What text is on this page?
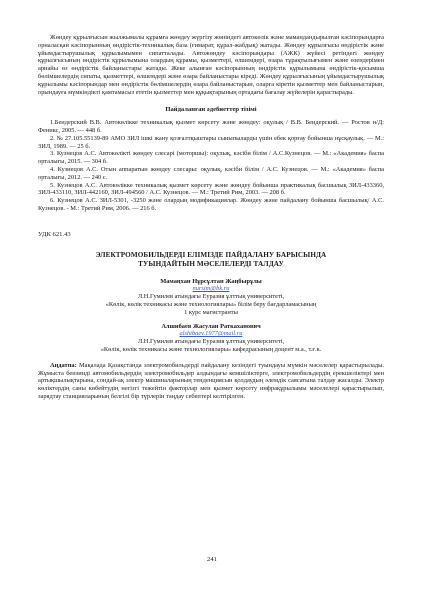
Жөндеу құрылғысын жылжымалы құрамға жөндеу жүргізу жөніндегі автокөлік және мамандандырылған кәсіпорындарға орналасқан кәсіпорынның өндірістік-техникалық база (ғимарат, құрал-жабдық) жатады. Жөндеу құрылғысы өндірістік және ұйымдастырушылық құрылымымен сипатталады. Автожөндеу кәсіпорындары (АЖК) жүйесі ретіндегі жөндеу құрылғысының өндірістік құрылымына олардың құрамы, қызметтері, өлшемдері, өзара тұрақтылығымен және өзендерімен арнайы өз өндірістік байланыстары жатады. Жеке алынған кәсіпорынның өндірістік құрылымына өндірістік-қосымша бөлімшелердің сипаты, қызметтері, өлшемдері және өзара байланыстары кіреді. Жөндеу құрылғысының ұйымдастырушылық құрылымы кәсіпорындар мен өндірістік бөлімшелердің өзара байланыстарын, оларға кіретін қызметтер мен байланыстарын, орындауға мүмкіндікті қамтамасыз ететін қызметтер мен құқықтарының ортадағы бағалау жүйелерін қарастырады.

Пайдаланған әдебиеттер тізімі

1.Бендерский В.В. Автокөлікке техникалық қызмет көрсету және жөндеу: оқулық / В.В. Бендерский. — Ростов н/Д: Феникс, 2005. — 448 б.

2. № 27.105.55139-89 АМО ЗИЛ ішкі жану қозғалтқыштары сыныпыларды үшін ебек қорғау бойынша нұсқаулық. — М.: ЗИЛ, 1989. — 25 б.

3. Кузнецов А.С. Автокөлікті жөндеу слесарі (моторшы): оқулық, кәсіби білім / А.С.Кузнецов. — М.: «Академия» баспа орталығы, 2015. — 304 б.

4. Кузнецов А.С. Отын аппаратын жөндеу слесары: оқулық, кәсіби білім / А.С. Кузнецов. — М.: «Академия» баспа орталығы, 2012. — 240 с.

5. Кузнецов А.С. Автокөлікке техникалық қызмет көрсету және жөндеу бойынша практикалық басшылық ЗИЛ-433360, ЗИЛ-433110, ЗИЛ-442160, ЗИЛ-494560 / А.С. Кузнецов. — М.: Третий Рим, 2003. — 208 б.

6. Кузнецов А.С. ЗИЛ-5301, -3250 және олардың модификациялар. Жөндеу және пайдалану бойынша басшылық/ А.С. Кузнецов. - М.: Третий Рим, 2006. — 216 б.

УДК 621.43
ЭЛЕКТРОМОБИЛЬДЕРДІ ЕЛІМІЗДЕ ПАЙДАЛАНУ БАРЫСЫНДА
ТУЫНДАЙТЫН МӘСЕЛЕЛЕРДІ ТАЛДАУ

Мамаңхан Нұрсұлтан Жаңбырұлы

nursim@bk.ru

Л.Н.Гумилев атындағы Еуразия ұлттық университеті,

«Көлік, көлік техникасы және технологиялары» білім беру бағдарламасының

1 курс магистранты

Алшибаев Жасулан Раткаханович

alshibaev.1977@mail.ru

Л.Н.Гумилев атындағы Еуразия ұлттық университеті,

«Көлік, көлік техникасы және технологиялары» кафедрасының доцент м.а., т.ғ.к.

Аңдатпа: Мақалада Қазақстанда электромобильдерді пайдалану кезіндегі туындауы мүмкін мәселелер қарастырылады. Жұмыста бензинді автомобильдердің электромобильдер алдындағы кемшіліктерге, электромобильдердің ерекшеліктері мен артықшылықтарына, сондай-ақ электр машиналарының тенденциясын қолдаудың әлемдік саясатына талдау жасалды. Электр көліктердің саны көбейтудің негізгі тежейтін факторлар мен қызмет көрсету инфрақұрылымы мәселелері қарастырылып, зарядтау станцияларының белгілі бір түрлерін таңдау себептері келтірілген.

241
